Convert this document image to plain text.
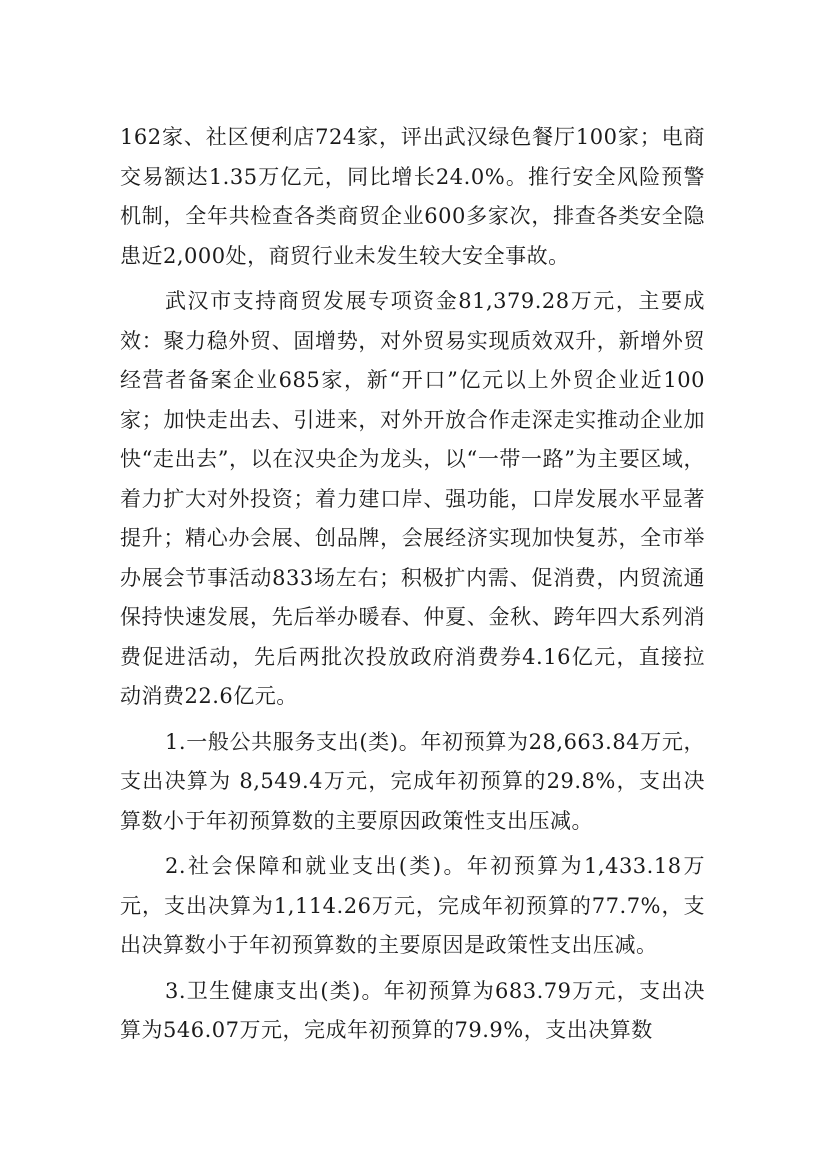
162家、社区便利店724家，评出武汉绿色餐厅100家；电商交易额达1.35万亿元，同比增长24.0%。推行安全风险预警机制，全年共检查各类商贸企业600多家次，排查各类安全隐患近2,000处，商贸行业未发生较大安全事故。

武汉市支持商贸发展专项资金81,379.28万元，主要成效：聚力稳外贸、固增势，对外贸易实现质效双升，新增外贸经营者备案企业685家，新“开口”亿元以上外贸企业近100家；加快走出去、引进来，对外开放合作走深走实推动企业加快“走出去”，以在汉央企为龙头，以“一带一路”为主要区域，着力扩大对外投资；着力建口岸、强功能，口岸发展水平显著提升；精心办会展、创品牌，会展经济实现加快复苏，全市举办展会节事活动833场左右；积极扩内需、促消费，内贸流通保持快速发展，先后举办暖春、仲夏、金秋、跨年四大系列消费促进活动，先后两批次投放政府消费券4.16亿元，直接拉动消费22.6亿元。

1.一般公共服务支出(类)。年初预算为28,663.84万元，支出决算为 8,549.4万元，完成年初预算的29.8%，支出决算数小于年初预算数的主要原因政策性支出压减。

2.社会保障和就业支出(类)。年初预算为1,433.18万元，支出决算为1,114.26万元，完成年初预算的77.7%，支出决算数小于年初预算数的主要原因是政策性支出压减。

3.卫生健康支出(类)。年初预算为683.79万元，支出决算为546.07万元，完成年初预算的79.9%，支出决算数
